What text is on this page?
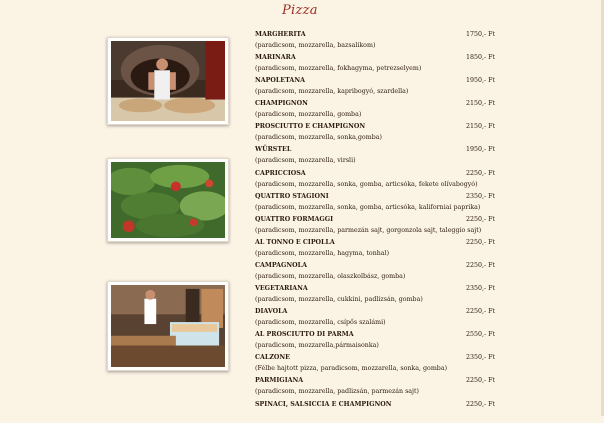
Pizza
MARGHERITA	1750,- Ft
(paradicsom, mozzarella, bazsalikom)
MARINARA	1850,- Ft
(paradicsom, mozzarella, fokhagyma, petrezselyem)
NAPOLETANA	1950,- Ft
(paradicsom, mozzarella, kapribogyó, szardella)
CHAMPIGNON	2150,- Ft
(paradicsom, mozzarella, gomba)
PROSCIUTTO E CHAMPIGNON	2150,- Ft
(paradicsom, mozzarella, sonka,gomba)
WÜRSTEL	1950,- Ft
(paradicsom, mozzarella, virsli)
CAPRICCIOSA	2250,- Ft
(paradicsom, mozzarella, sonka, gomba, articsóka, fekete olívabogyó)
QUATTRO STAGIONI	2350,- Ft
(paradicsom, mozzarella, sonka, gomba, articsóka, kaliforniai paprika)
QUATTRO FORMAGGI	2250,- Ft
(paradicsom, mozzarella, parmezán sajt, gorgonzola sajt, taleggio sajt)
AL TONNO E CIPOLLA	2250,- Ft
(paradicsom, mozzarella, hagyma, tonhal)
CAMPAGNOLA	2250,- Ft
(paradicsom, mozzarella, olaszkolbász, gomba)
VEGETARIANA	2350,- Ft
(paradicsom, mozzarella, cukkini, padlizsán, gomba)
DIAVOLA	2250,- Ft
(paradicsom, mozzarella, csípős szalámi)
AL PROSCIUTTO DI PARMA	2550,- Ft
(paradicsom, mozzarella,pármaisonka)
CALZONE	2350,- Ft
(Félbe hajtott pizza, paradicsom, mozzarella, sonka, gomba)
PARMIGIANA	2250,- Ft
(paradicsom, mozzarella, padlizsán, parmezán sajt)
SPINACI, SALSICCIA E CHAMPIGNON	2250,- Ft
